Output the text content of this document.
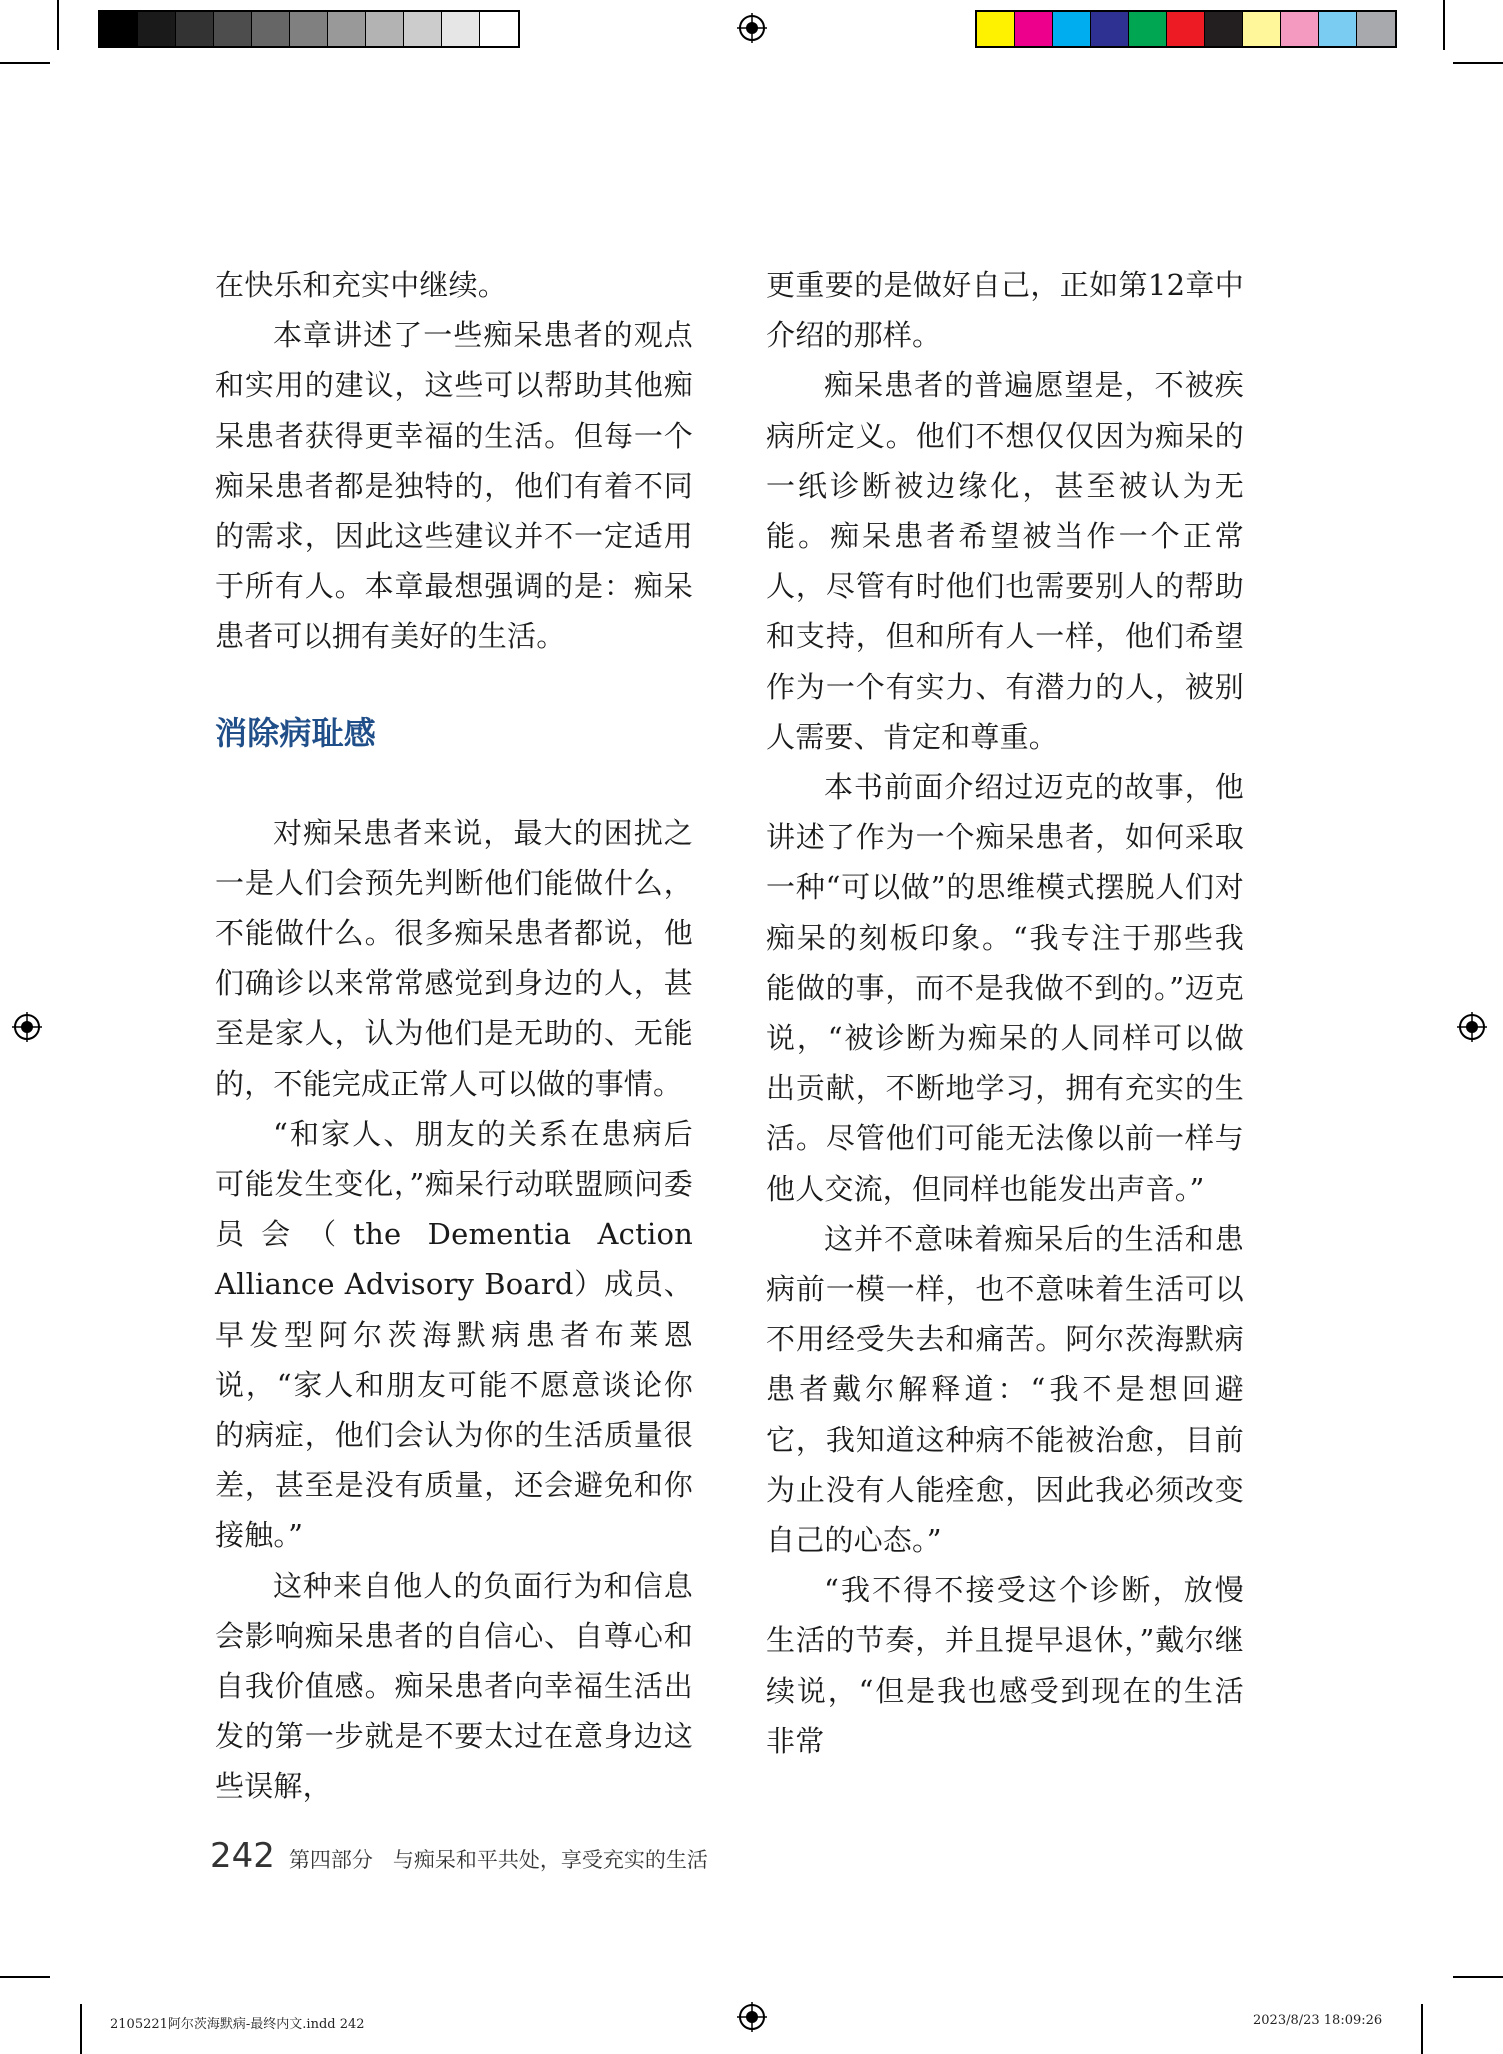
在快乐和充实中继续。

本章讲述了一些痴呆患者的观点和实用的建议，这些可以帮助其他痴呆患者获得更幸福的生活。但每一个痴呆患者都是独特的，他们有着不同的需求，因此这些建议并不一定适用于所有人。本章最想强调的是：痴呆患者可以拥有美好的生活。

消除病耻感

对痴呆患者来说，最大的困扰之一是人们会预先判断他们能做什么，不能做什么。很多痴呆患者都说，他们确诊以来常常感觉到身边的人，甚至是家人，认为他们是无助的、无能的，不能完成正常人可以做的事情。

“和家人、朋友的关系在患病后可能发生变化，”痴呆行动联盟顾问委员会（the Dementia Action Alliance Advisory Board）成员、早发型阿尔茨海默病患者布莱恩说，“家人和朋友可能不愿意谈论你的病症，他们会认为你的生活质量很差，甚至是没有质量，还会避免和你接触。”

这种来自他人的负面行为和信息会影响痴呆患者的自信心、自尊心和自我价值感。痴呆患者向幸福生活出发的第一步就是不要太过在意身边这些误解，

更重要的是做好自己，正如第12章中介绍的那样。

痴呆患者的普遍愿望是，不被疾病所定义。他们不想仅仅因为痴呆的一纸诊断被边缘化，甚至被认为无能。痴呆患者希望被当作一个正常人，尽管有时他们也需要别人的帮助和支持，但和所有人一样，他们希望作为一个有实力、有潜力的人，被别人需要、肯定和尊重。

本书前面介绍过迈克的故事，他讲述了作为一个痴呆患者，如何采取一种“可以做”的思维模式摆脱人们对痴呆的刻板印象。“我专注于那些我能做的事，而不是我做不到的。”迈克说，“被诊断为痴呆的人同样可以做出贡献，不断地学习，拥有充实的生活。尽管他们可能无法像以前一样与他人交流，但同样也能发出声音。”

这并不意味着痴呆后的生活和患病前一模一样，也不意味着生活可以不用经受失去和痛苦。阿尔茨海默病患者戴尔解释道：“我不是想回避它，我知道这种病不能被治愈，目前为止没有人能痊愈，因此我必须改变自己的心态。”

“我不得不接受这个诊断，放慢生活的节奏，并且提早退休，”戴尔继续说，“但是我也感受到现在的生活非常

242 第四部分 与痴呆和平共处，享受充实的生活
2105221阿尔茨海默病-最终内文.indd 242	2023/8/23 18:09:26
